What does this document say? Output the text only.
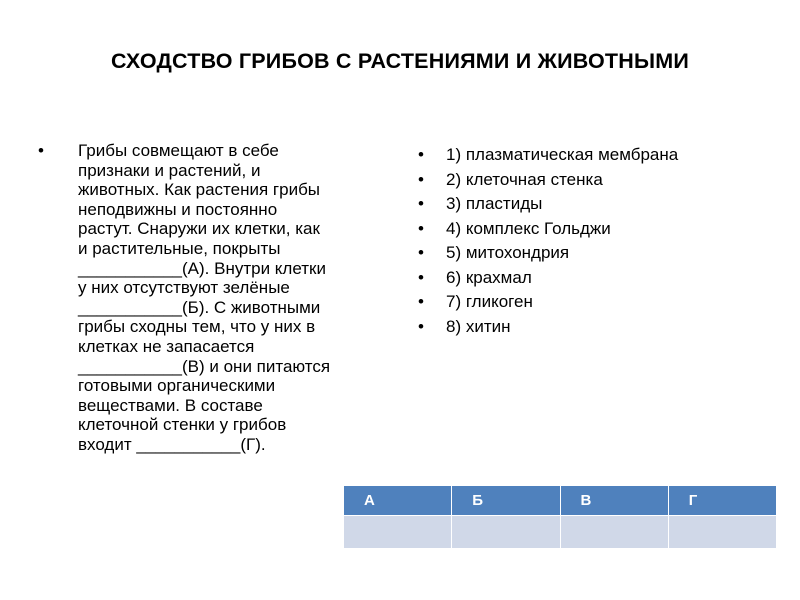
СХОДСТВО ГРИБОВ С РАСТЕНИЯМИ И ЖИВОТНЫМИ
• Грибы совмещают в себе
признаки и растений, и
животных. Как растения грибы
неподвижны и постоянно
растут. Снаружи их клетки, как
и растительные, покрыты
___________(А). Внутри клетки
у них отсутствуют зелёные
___________(Б). С животными
грибы сходны тем, что у них в
клетках не запасается
___________(В) и они питаются
готовыми органическими
веществами. В составе
клеточной стенки у грибов
входит ___________(Г).
• 1) плазматическая мембрана
• 2) клеточная стенка
• 3) пластиды
• 4) комплекс Гольджи
• 5) митохондрия
• 6) крахмал
• 7) гликоген
• 8) хитин
А	Б	В	Г
